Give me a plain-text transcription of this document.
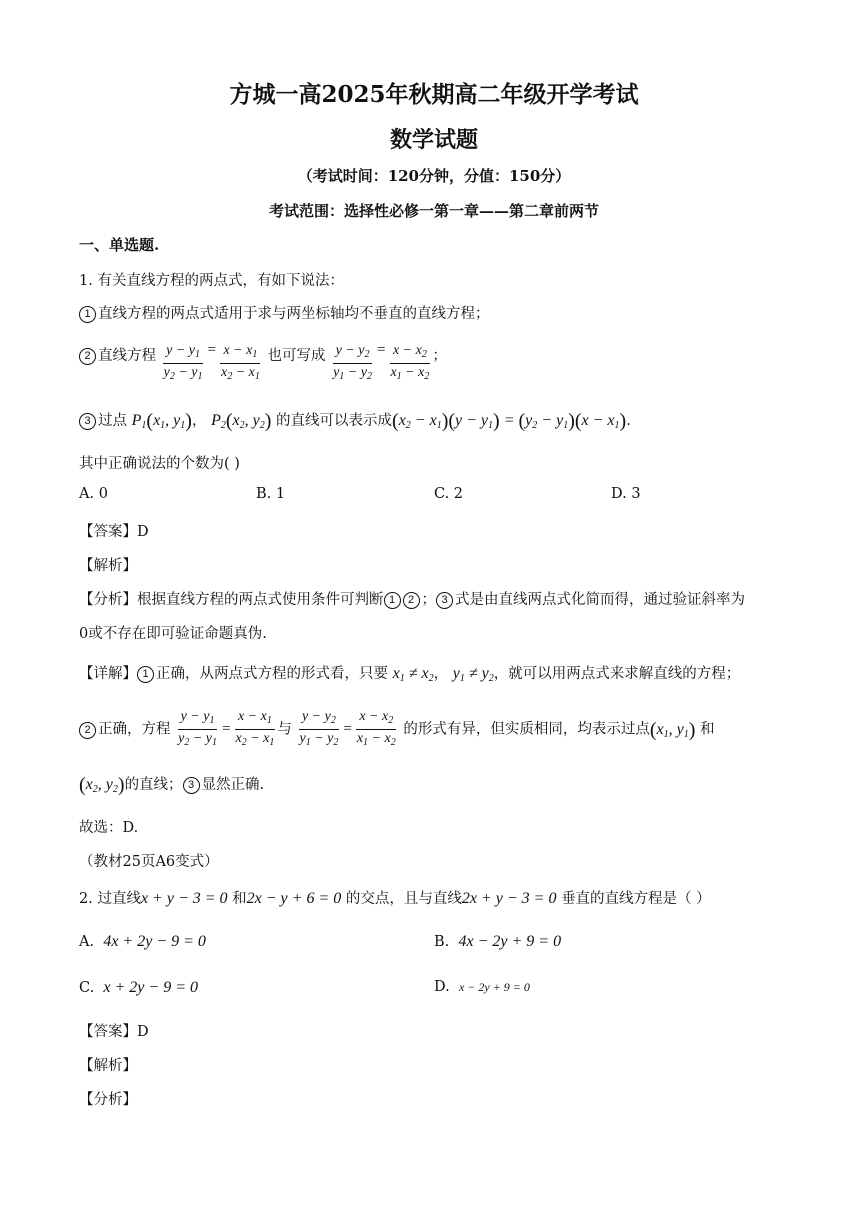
方城一高2025年秋期高二年级开学考试
数学试题
（考试时间：120分钟，分值：150分）
考试范围：选择性必修一第一章——第二章前两节
一、单选题.
1. 有关直线方程的两点式，有如下说法：
1 直线方程的两点式适用于求与两坐标轴均不垂直的直线方程；
2 直线方程 $\frac{y - y_1}{y_2 - y_1} = \frac{x - x_1}{x_2 - x_1}$ 也可写成 $\frac{y - y_2}{y_1 - y_2} = \frac{x - x_2}{x_1 - x_2}$ ；
3 过点 $P_1(x_1$, $y_1$)， $P_2(x_2$, $y_2$) 的直线可以表示成$(x_2 - x_1)(y - y_1) = (y_2 - y_1)(x - x_1)$.
其中正确说法的个数为( )
A. 0	B. 1	C. 2	D. 3
【答案】D
【解析】
【分析】根据直线方程的两点式使用条件可判断 1 2 ； 3 式是由直线两点式化简而得，通过验证斜率为
0或不存在即可验证命题真伪.
【详解】 1 正确，从两点式方程的形式看，只要 $x_1 \ne x_2$， $y_1 \ne y_2$，就可以用两点式来求解直线的方程；
2 正确，方程 $\frac{y - y_1}{y_2 - y_1} = \frac{x - x_1}{x_2 - x_1}$ 与 $\frac{y - y_2}{y_1 - y_2} = \frac{x - x_2}{x_1 - x_2}$ 的形式有异，但实质相同，均表示过点($x_1$, $y_1$) 和
($x_2$, $y_2$)的直线； 3 显然正确.
故选：D.
（教材25页A6变式）
2. 过直线x + y − 3 = 0 和2x − y + 6 = 0 的交点，且与直线2x + y − 3 = 0 垂直的直线方程是（ ）
A. 4x + 2y − 9 = 0	B. 4x − 2y + 9 = 0
C. x + 2y − 9 = 0	D. x − 2y + 9 = 0
【答案】D
【解析】
【分析】
